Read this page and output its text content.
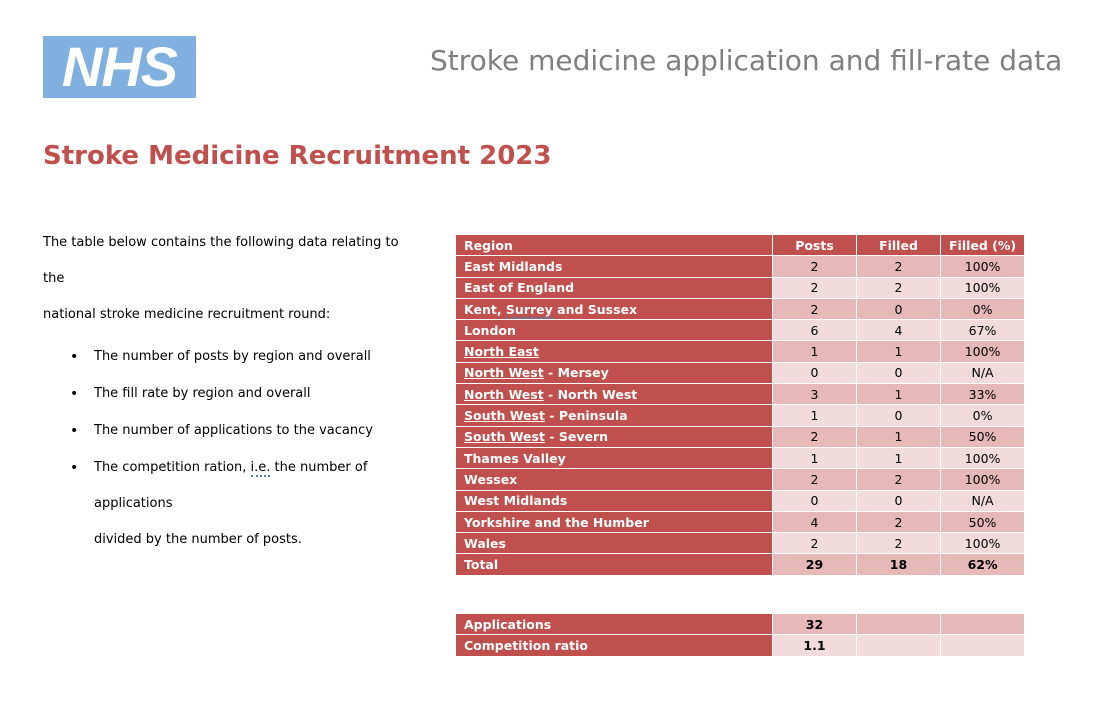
NHS	Stroke medicine application and fill-rate data
Stroke Medicine Recruitment 2023

The table below contains the following data relating to the

national stroke medicine recruitment round:

• The number of posts by region and overall
• The fill rate by region and overall
• The number of applications to the vacancy
• The competition ration, i.e. the number of applications
divided by the number of posts.
Region	Posts	Filled	Filled (%)
East Midlands	2	2	100%
East of England	2	2	100%
Kent, Surrey and Sussex	2	0	0%
London	6	4	67%
North East	1	1	100%
North West - Mersey	0	0	N/A
North West - North West	3	1	33%
South West - Peninsula	1	0	0%
South West - Severn	2	1	50%
Thames Valley	1	1	100%
Wessex	2	2	100%
West Midlands	0	0	N/A
Yorkshire and the Humber	4	2	50%
Wales	2	2	100%
Total	29	18	62%
Applications	32		
Competition ratio	1.1		
